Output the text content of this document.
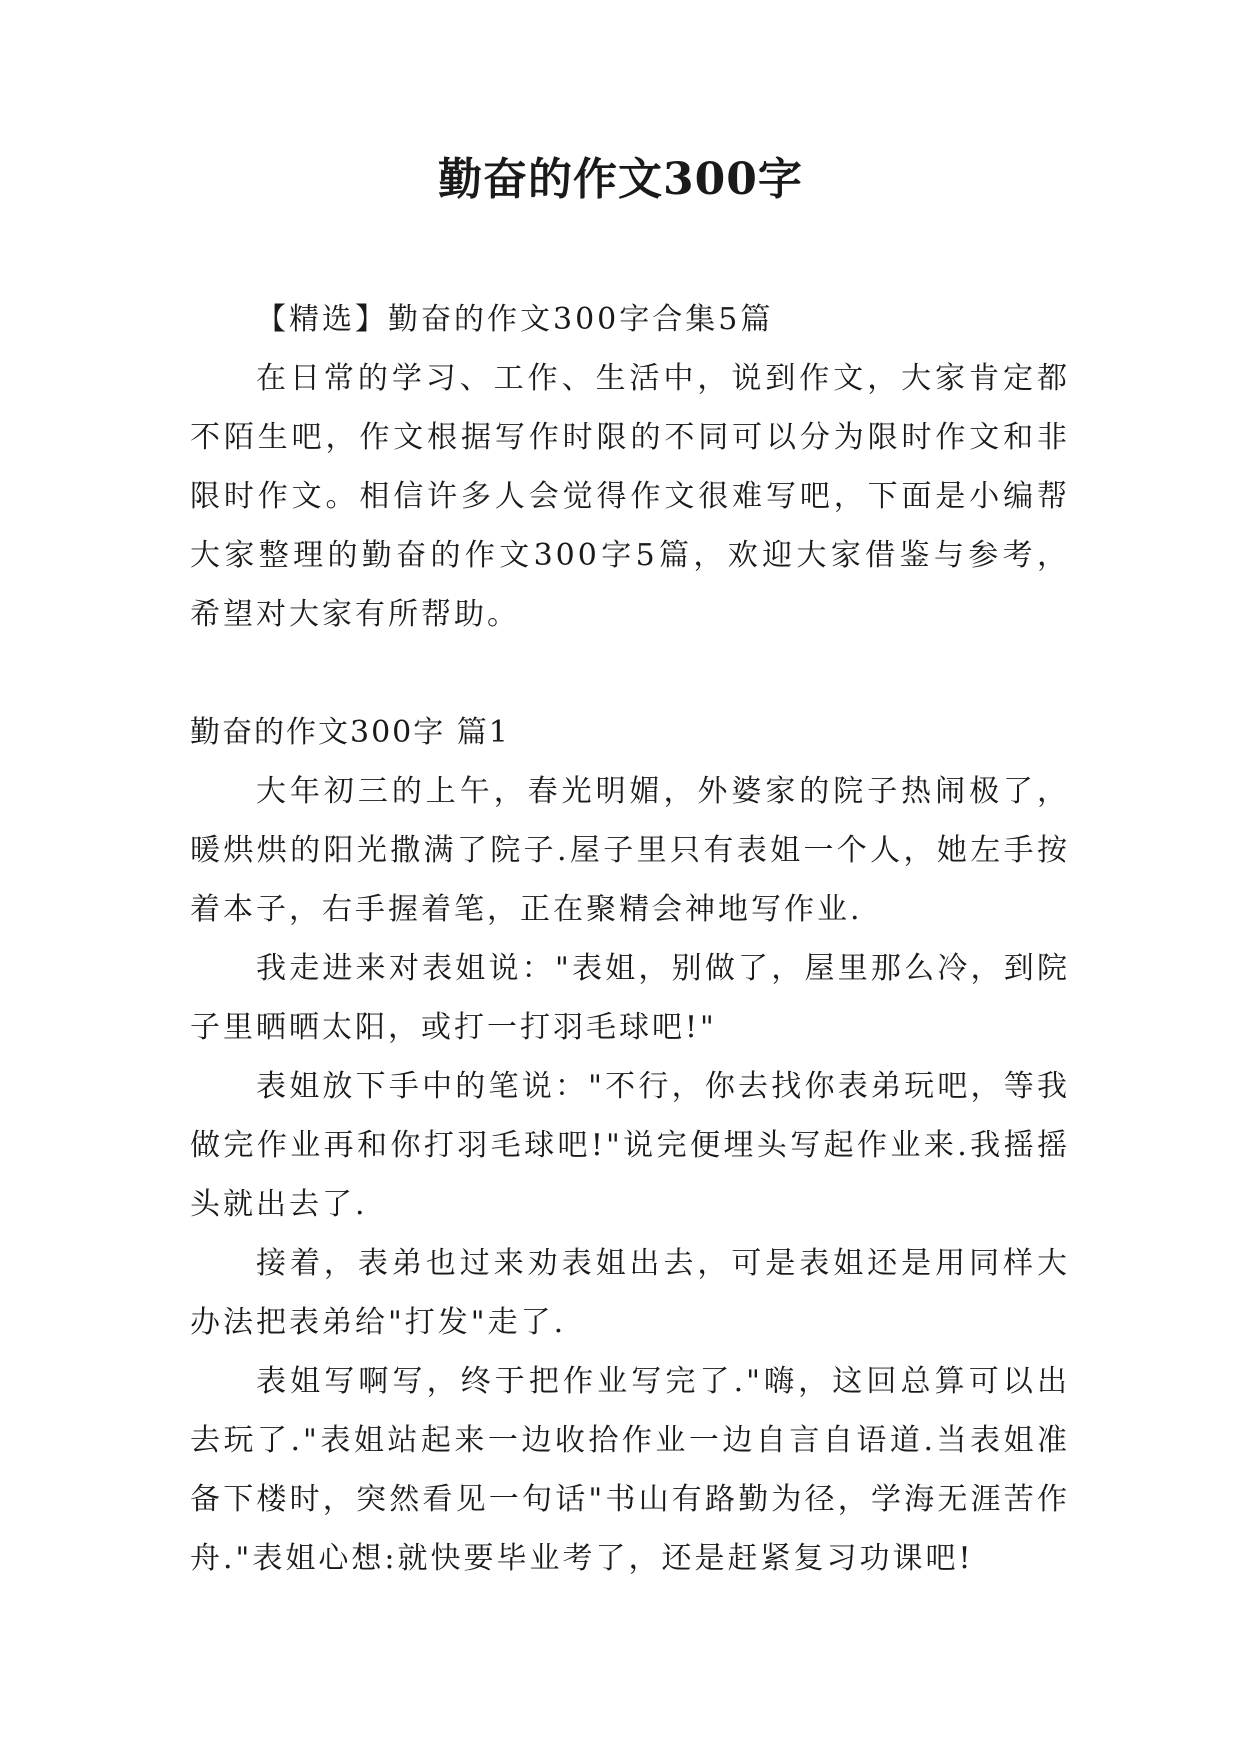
勤奋的作文300字

【精选】勤奋的作文300字合集5篇

在日常的学习、工作、生活中，说到作文，大家肯定都不陌生吧，作文根据写作时限的不同可以分为限时作文和非限时作文。相信许多人会觉得作文很难写吧，下面是小编帮大家整理的勤奋的作文300字5篇，欢迎大家借鉴与参考，希望对大家有所帮助。

勤奋的作文300字 篇1

大年初三的上午，春光明媚，外婆家的院子热闹极了，暖烘烘的阳光撒满了院子.屋子里只有表姐一个人，她左手按着本子，右手握着笔，正在聚精会神地写作业.

我走进来对表姐说："表姐，别做了，屋里那么冷，到院子里晒晒太阳，或打一打羽毛球吧!"

表姐放下手中的笔说："不行，你去找你表弟玩吧，等我做完作业再和你打羽毛球吧!"说完便埋头写起作业来.我摇摇头就出去了.

接着，表弟也过来劝表姐出去，可是表姐还是用同样大办法把表弟给"打发"走了.

表姐写啊写，终于把作业写完了."嗨，这回总算可以出去玩了."表姐站起来一边收拾作业一边自言自语道.当表姐准备下楼时，突然看见一句话"书山有路勤为径，学海无涯苦作舟."表姐心想:就快要毕业考了，还是赶紧复习功课吧!
